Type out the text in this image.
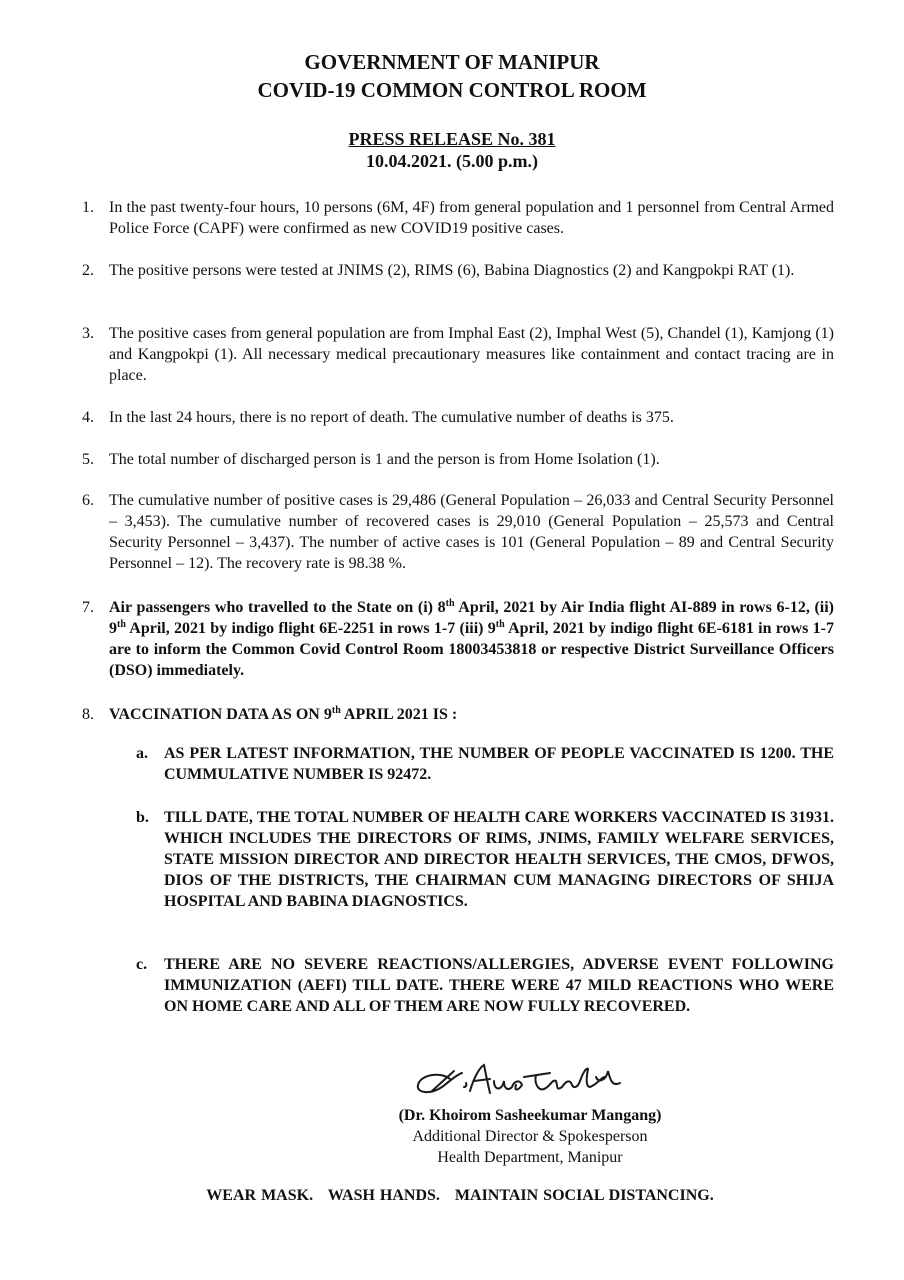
GOVERNMENT OF MANIPUR
COVID-19 COMMON CONTROL ROOM
PRESS RELEASE No. 381
10.04.2021. (5.00 p.m.)
1. In the past twenty-four hours, 10 persons (6M, 4F) from general population and 1 personnel from Central Armed Police Force (CAPF) were confirmed as new COVID19 positive cases.
2. The positive persons were tested at JNIMS (2), RIMS (6), Babina Diagnostics (2) and Kangpokpi RAT (1).
3. The positive cases from general population are from Imphal East (2), Imphal West (5), Chandel (1), Kamjong (1) and Kangpokpi (1). All necessary medical precautionary measures like containment and contact tracing are in place.
4. In the last 24 hours, there is no report of death. The cumulative number of deaths is 375.
5. The total number of discharged person is 1 and the person is from Home Isolation (1).
6. The cumulative number of positive cases is 29,486 (General Population – 26,033 and Central Security Personnel – 3,453). The cumulative number of recovered cases is 29,010 (General Population – 25,573 and Central Security Personnel – 3,437). The number of active cases is 101 (General Population – 89 and Central Security Personnel – 12). The recovery rate is 98.38 %.
7. Air passengers who travelled to the State on (i) 8th April, 2021 by Air India flight AI-889 in rows 6-12, (ii) 9th April, 2021 by indigo flight 6E-2251 in rows 1-7 (iii) 9th April, 2021 by indigo flight 6E-6181 in rows 1-7 are to inform the Common Covid Control Room 18003453818 or respective District Surveillance Officers (DSO) immediately.
8. VACCINATION DATA AS ON 9th APRIL 2021 IS :
a.	AS PER LATEST INFORMATION, THE NUMBER OF PEOPLE VACCINATED IS 1200. THE CUMMULATIVE NUMBER IS 92472.
b. TILL DATE, THE TOTAL NUMBER OF HEALTH CARE WORKERS VACCINATED IS 31931. WHICH INCLUDES THE DIRECTORS OF RIMS, JNIMS, FAMILY WELFARE SERVICES, STATE MISSION DIRECTOR AND DIRECTOR HEALTH SERVICES, THE CMOS, DFWOS, DIOS OF THE DISTRICTS, THE CHAIRMAN CUM MANAGING DIRECTORS OF SHIJA HOSPITAL AND BABINA DIAGNOSTICS.
c.	THERE ARE NO SEVERE REACTIONS/ALLERGIES, ADVERSE EVENT FOLLOWING IMMUNIZATION (AEFI) TILL DATE. THERE WERE 47 MILD REACTIONS WHO WERE ON HOME CARE AND ALL OF THEM ARE NOW FULLY RECOVERED.
(Dr. Khoirom Sasheekumar Mangang)
Additional Director & Spokesperson
Health Department, Manipur
WEAR MASK.   WASH HANDS.   MAINTAIN SOCIAL DISTANCING.
